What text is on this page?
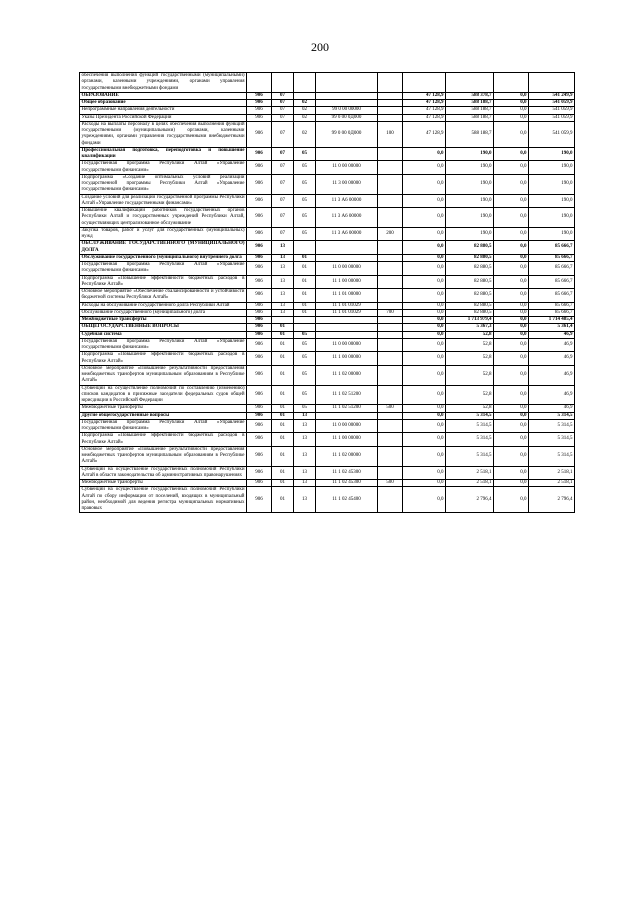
200
обеспечения выполнения функций государственными (муниципальными) органами, казенными учреждениями, органами управления государственными внебюджетными фондами									
ОБРАЗОВАНИЕ	906	07				47 128,9	588 378,7	0,0	541 249,9
Общее образование	906	07	02			47 128,9	588 188,7	0,0	541 059,9
Непрограммные направления деятельности	906	07	02	99 0 00 00000		47 128,9	588 188,7	0,0	541 059,9
Указы Президента Российской Федерации	906	07	02	99 0 00 0Д000		47 128,9	588 188,7	0,0	541 059,9
Расходы на выплаты персоналу в целях обеспечения выполнения функций государственными (муниципальными) органами, казенными учреждениями, органами управления государственными внебюджетными фондами	906	07	02	99 0 00 0Д000	100	47 128,9	588 188,7	0,0	541 059,9
Профессиональная подготовка, переподготовка и повышение квалификации	906	07	05			0,0	190,0	0,0	190,0
Государственная программа Республики Алтай «Управление государственными финансами»	906	07	05	11 0 00 00000		0,0	190,0	0,0	190,0
Подпрограмма «Создание оптимальных условий реализации государственной программы Республики Алтай «Управление государственными финансами»	906	07	05	11 3 00 00000		0,0	190,0	0,0	190,0
Создание условий для реализации государственной программы Республики Алтай «Управление государственными финансами»	906	07	05	11 3 А6 00000		0,0	190,0	0,0	190,0
Повышение квалификации работников государственных органов Республики Алтай и государственных учреждений Республики Алтай, осуществляющих централизованное обслуживание	906	07	05	11 3 А6 00000		0,0	190,0	0,0	190,0
Закупка товаров, работ и услуг для государственных (муниципальных) нужд	906	07	05	11 3 А6 00000	200	0,0	190,0	0,0	190,0
ОБСЛУЖИВАНИЕ ГОСУДАРСТВЕННОГО (МУНИЦИПАЛЬНОГО) ДОЛГА	906	13				0,0	82 880,5	0,0	85 666,7
Обслуживание государственного (муниципального) внутреннего долга	906	13	01			0,0	82 880,5	0,0	85 666,7
Государственная программа Республики Алтай «Управление государственными финансами»	906	13	01	11 0 00 00000		0,0	82 880,5	0,0	85 666,7
Подпрограмма «Повышение эффективности бюджетных расходов в Республике Алтай»	906	13	01	11 1 00 00000		0,0	82 880,5	0,0	85 666,7
Основное мероприятие «Обеспечение сбалансированности и устойчивости бюджетной системы Республики Алтай»	906	13	01	11 1 01 00000		0,0	82 880,5	0,0	85 666,7
Расходы на обслуживание государственного долга Республики Алтай	906	13	01	11 1 01 01029		0,0	82 880,5	0,0	85 666,7
Обслуживание государственного (муниципального) долга	906	13	01	11 1 01 01029	700	0,0	82 880,5	0,0	85 666,7
Межбюджетные трансферты	906					0,0	1 713 979,4	0,0	1 714 485,4
ОБЩЕГОСУДАРСТВЕННЫЕ ВОПРОСЫ	906	01				0,0	5 367,3	0,0	5 361,4
Судебная система	906	01	05			0,0	52,8	0,0	46,9
Государственная программа Республики Алтай «Управление государственными финансами»	906	01	05	11 0 00 00000		0,0	52,8	0,0	46,9
Подпрограмма «Повышение эффективности бюджетных расходов в Республике Алтай»	906	01	05	11 1 00 00000		0,0	52,8	0,0	46,9
Основное мероприятие «Повышение результативности предоставления межбюджетных трансфертов муниципальным образованиям в Республике Алтай»	906	01	05	11 1 02 00000		0,0	52,8	0,0	46,9
Субвенции на осуществление полномочий по составлению (изменению) списков кандидатов в присяжные заседатели федеральных судов общей юрисдикции в Российской Федерации	906	01	05	11 1 02 51200		0,0	52,8	0,0	46,9
Межбюджетные трансферты	906	01	05	11 1 02 51200	500	0,0	52,8	0,0	46,9
Другие общегосударственные вопросы	906	01	13			0,0	5 314,5	0,0	5 314,5
Государственная программа Республики Алтай «Управление государственными финансами»	906	01	13	11 0 00 00000		0,0	5 314,5	0,0	5 314,5
Подпрограмма «Повышение эффективности бюджетных расходов в Республике Алтай»	906	01	13	11 1 00 00000		0,0	5 314,5	0,0	5 314,5
Основное мероприятие «Повышение результативности предоставления межбюджетных трансфертов муниципальным образованиям в Республике Алтай»	906	01	13	11 1 02 00000		0,0	5 314,5	0,0	5 314,5
Субвенции на осуществление государственных полномочий Республики Алтай в области законодательства об административных правонарушениях	906	01	13	11 1 02 45300		0,0	2 518,1	0,0	2 518,1
Межбюджетные трансферты	906	01	13	11 1 02 45300	500	0,0	2 518,1	0,0	2 518,1
Субвенции на осуществление государственных полномочий Республики Алтай по сбору информации от поселений, входящих в муниципальный район, необходимой для ведения регистра муниципальных нормативных правовых	906	01	13	11 1 02 45400		0,0	2 796,4	0,0	2 796,4
